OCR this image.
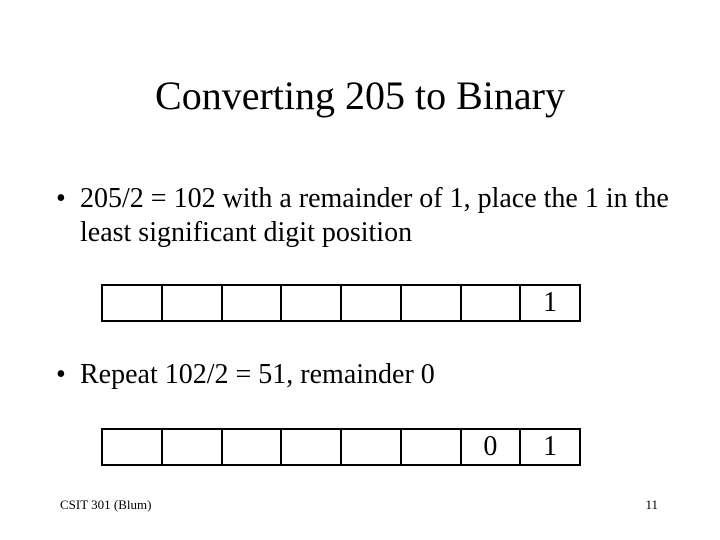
Converting 205 to Binary
• 205/2 = 102 with a remainder of 1, place the 1 in the least significant digit position
1
• Repeat 102/2 = 51, remainder 0
0	1
CSIT 301 (Blum)	11
